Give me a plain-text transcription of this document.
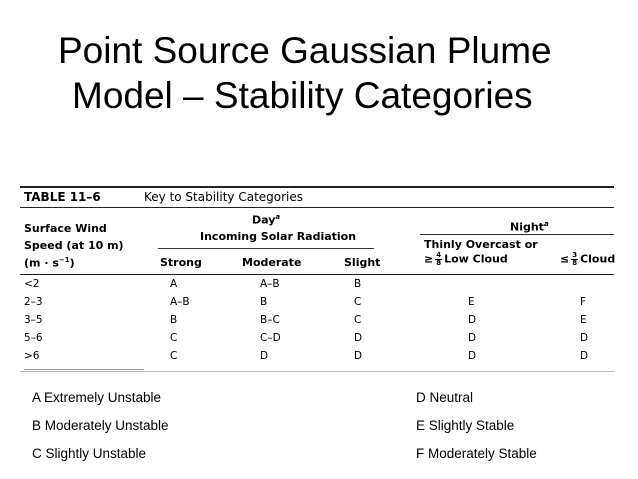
Point Source Gaussian Plume
Model – Stability Categories
TABLE 11–6	Key to Stability Categories
Surface Wind
Speed (at 10 m)
$(m \cdot s^{-1})$
Day$^a$
Incoming Solar Radiation
Strong	Moderate	Slight
Night$^a$
Thinly Overcast or
≥ $\frac{4}{8}$ Low Cloud	≤ $\frac{3}{8}$ Cloud
<2	A	A–B	B
2–3	A–B	B	C	E	F
3–5	B	B–C	C	D	E
5–6	C	C–D	D	D	D
>6	C	D	D	D	D
A Extremely Unstable
B Moderately Unstable
C Slightly Unstable
D Neutral
E Slightly Stable
F Moderately Stable
